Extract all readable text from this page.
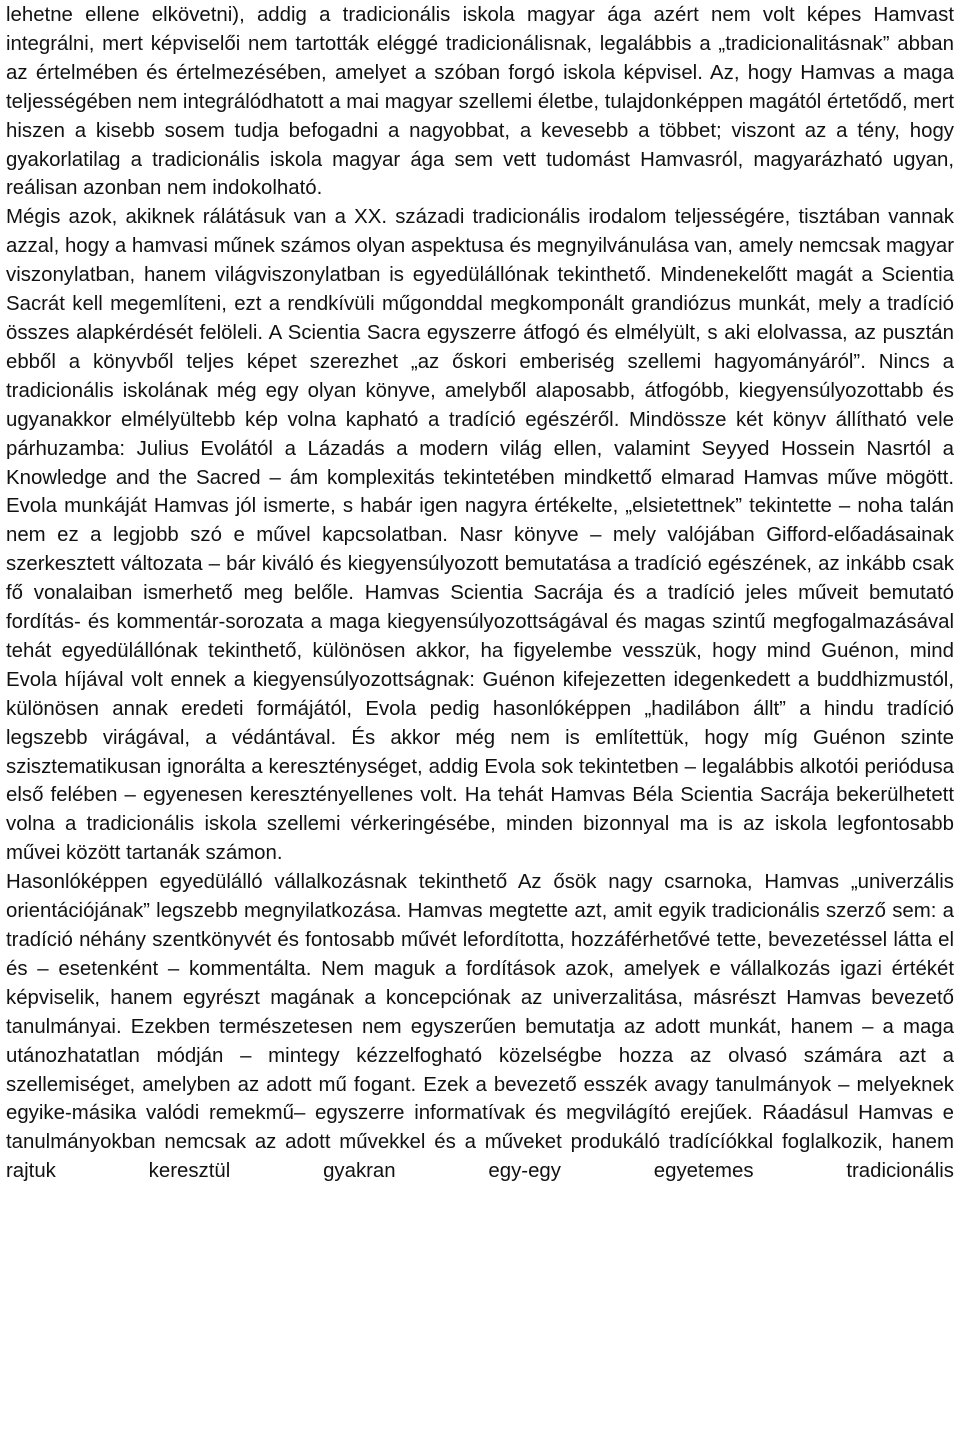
lehetne ellene elkövetni), addig a tradicionális iskola magyar ága azért nem volt képes Hamvast integrálni, mert képviselői nem tartották eléggé tradicionálisnak, legalábbis a „tradicionalitásnak” abban az értelmében és értelmezésében, amelyet a szóban forgó iskola képvisel. Az, hogy Hamvas a maga teljességében nem integrálódhatott a mai magyar szellemi életbe, tulajdonképpen magától értetődő, mert hiszen a kisebb sosem tudja befogadni a nagyobbat, a kevesebb a többet; viszont az a tény, hogy gyakorlatilag a tradicionális iskola magyar ága sem vett tudomást Hamvasról, magyarázható ugyan, reálisan azonban nem indokolható.

Mégis azok, akiknek rálátásuk van a XX. századi tradicionális irodalom teljességére, tisztában vannak azzal, hogy a hamvasi műnek számos olyan aspektusa és megnyilvánulása van, amely nemcsak magyar viszonylatban, hanem világviszonylatban is egyedülállónak tekinthető. Mindenekelőtt magát a Scientia Sacrát kell megemlíteni, ezt a rendkívüli műgonddal megkomponált grandiózus munkát, mely a tradíció összes alapkérdését felöleli. A Scientia Sacra egyszerre átfogó és elmélyült, s aki elolvassa, az pusztán ebből a könyvből teljes képet szerezhet „az őskori emberiség szellemi hagyományáról”. Nincs a tradicionális iskolának még egy olyan könyve, amelyből alaposabb, átfogóbb, kiegyensúlyozottabb és ugyanakkor elmélyültebb kép volna kapható a tradíció egészéről. Mindössze két könyv állítható vele párhuzamba: Julius Evolától a Lázadás a modern világ ellen, valamint Seyyed Hossein Nasrtól a Knowledge and the Sacred – ám komplexitás tekintetében mindkettő elmarad Hamvas műve mögött. Evola munkáját Hamvas jól ismerte, s habár igen nagyra értékelte, „elsietettnek” tekintette – noha talán nem ez a legjobb szó e művel kapcsolatban. Nasr könyve – mely valójában Gifford-előadásainak szerkesztett változata – bár kiváló és kiegyensúlyozott bemutatása a tradíció egészének, az inkább csak fő vonalaiban ismerhető meg belőle. Hamvas Scientia Sacrája és a tradíció jeles műveit bemutató fordítás- és kommentár-sorozata a maga kiegyensúlyozottságával és magas szintű megfogalmazásával tehát egyedülállónak tekinthető, különösen akkor, ha figyelembe vesszük, hogy mind Guénon, mind Evola híjával volt ennek a kiegyensúlyozottságnak: Guénon kifejezetten idegenkedett a buddhizmustól, különösen annak eredeti formájától, Evola pedig hasonlóképpen „hadilábon állt” a hindu tradíció legszebb virágával, a védántával. És akkor még nem is említettük, hogy míg Guénon szinte szisztematikusan ignorálta a kereszténységet, addig Evola sok tekintetben – legalábbis alkotói periódusa első felében – egyenesen keresztényellenes volt. Ha tehát Hamvas Béla Scientia Sacrája bekerülhetett volna a tradicionális iskola szellemi vérkeringésébe, minden bizonnyal ma is az iskola legfontosabb művei között tartanák számon.

Hasonlóképpen egyedülálló vállalkozásnak tekinthető Az ősök nagy csarnoka, Hamvas „univerzális orientációjának” legszebb megnyilatkozása. Hamvas megtette azt, amit egyik tradicionális szerző sem: a tradíció néhány szentkönyvét és fontosabb művét lefordította, hozzáférhetővé tette, bevezetéssel látta el és – esetenként – kommentálta. Nem maguk a fordítások azok, amelyek e vállalkozás igazi értékét képviselik, hanem egyrészt magának a koncepciónak az univerzalitása, másrészt Hamvas bevezető tanulmányai. Ezekben természetesen nem egyszerűen bemutatja az adott munkát, hanem – a maga utánozhatatlan módján – mintegy kézzelfogható közelségbe hozza az olvasó számára azt a szellemiséget, amelyben az adott mű fogant. Ezek a bevezető esszék avagy tanulmányok – melyeknek egyike-másika valódi remekmű– egyszerre informatívak és megvilágító erejűek. Ráadásul Hamvas e tanulmányokban nemcsak az adott művekkel és a műveket produkáló tradícíókkal foglalkozik, hanem rajtuk keresztül gyakran egy-egy egyetemes tradicionális
